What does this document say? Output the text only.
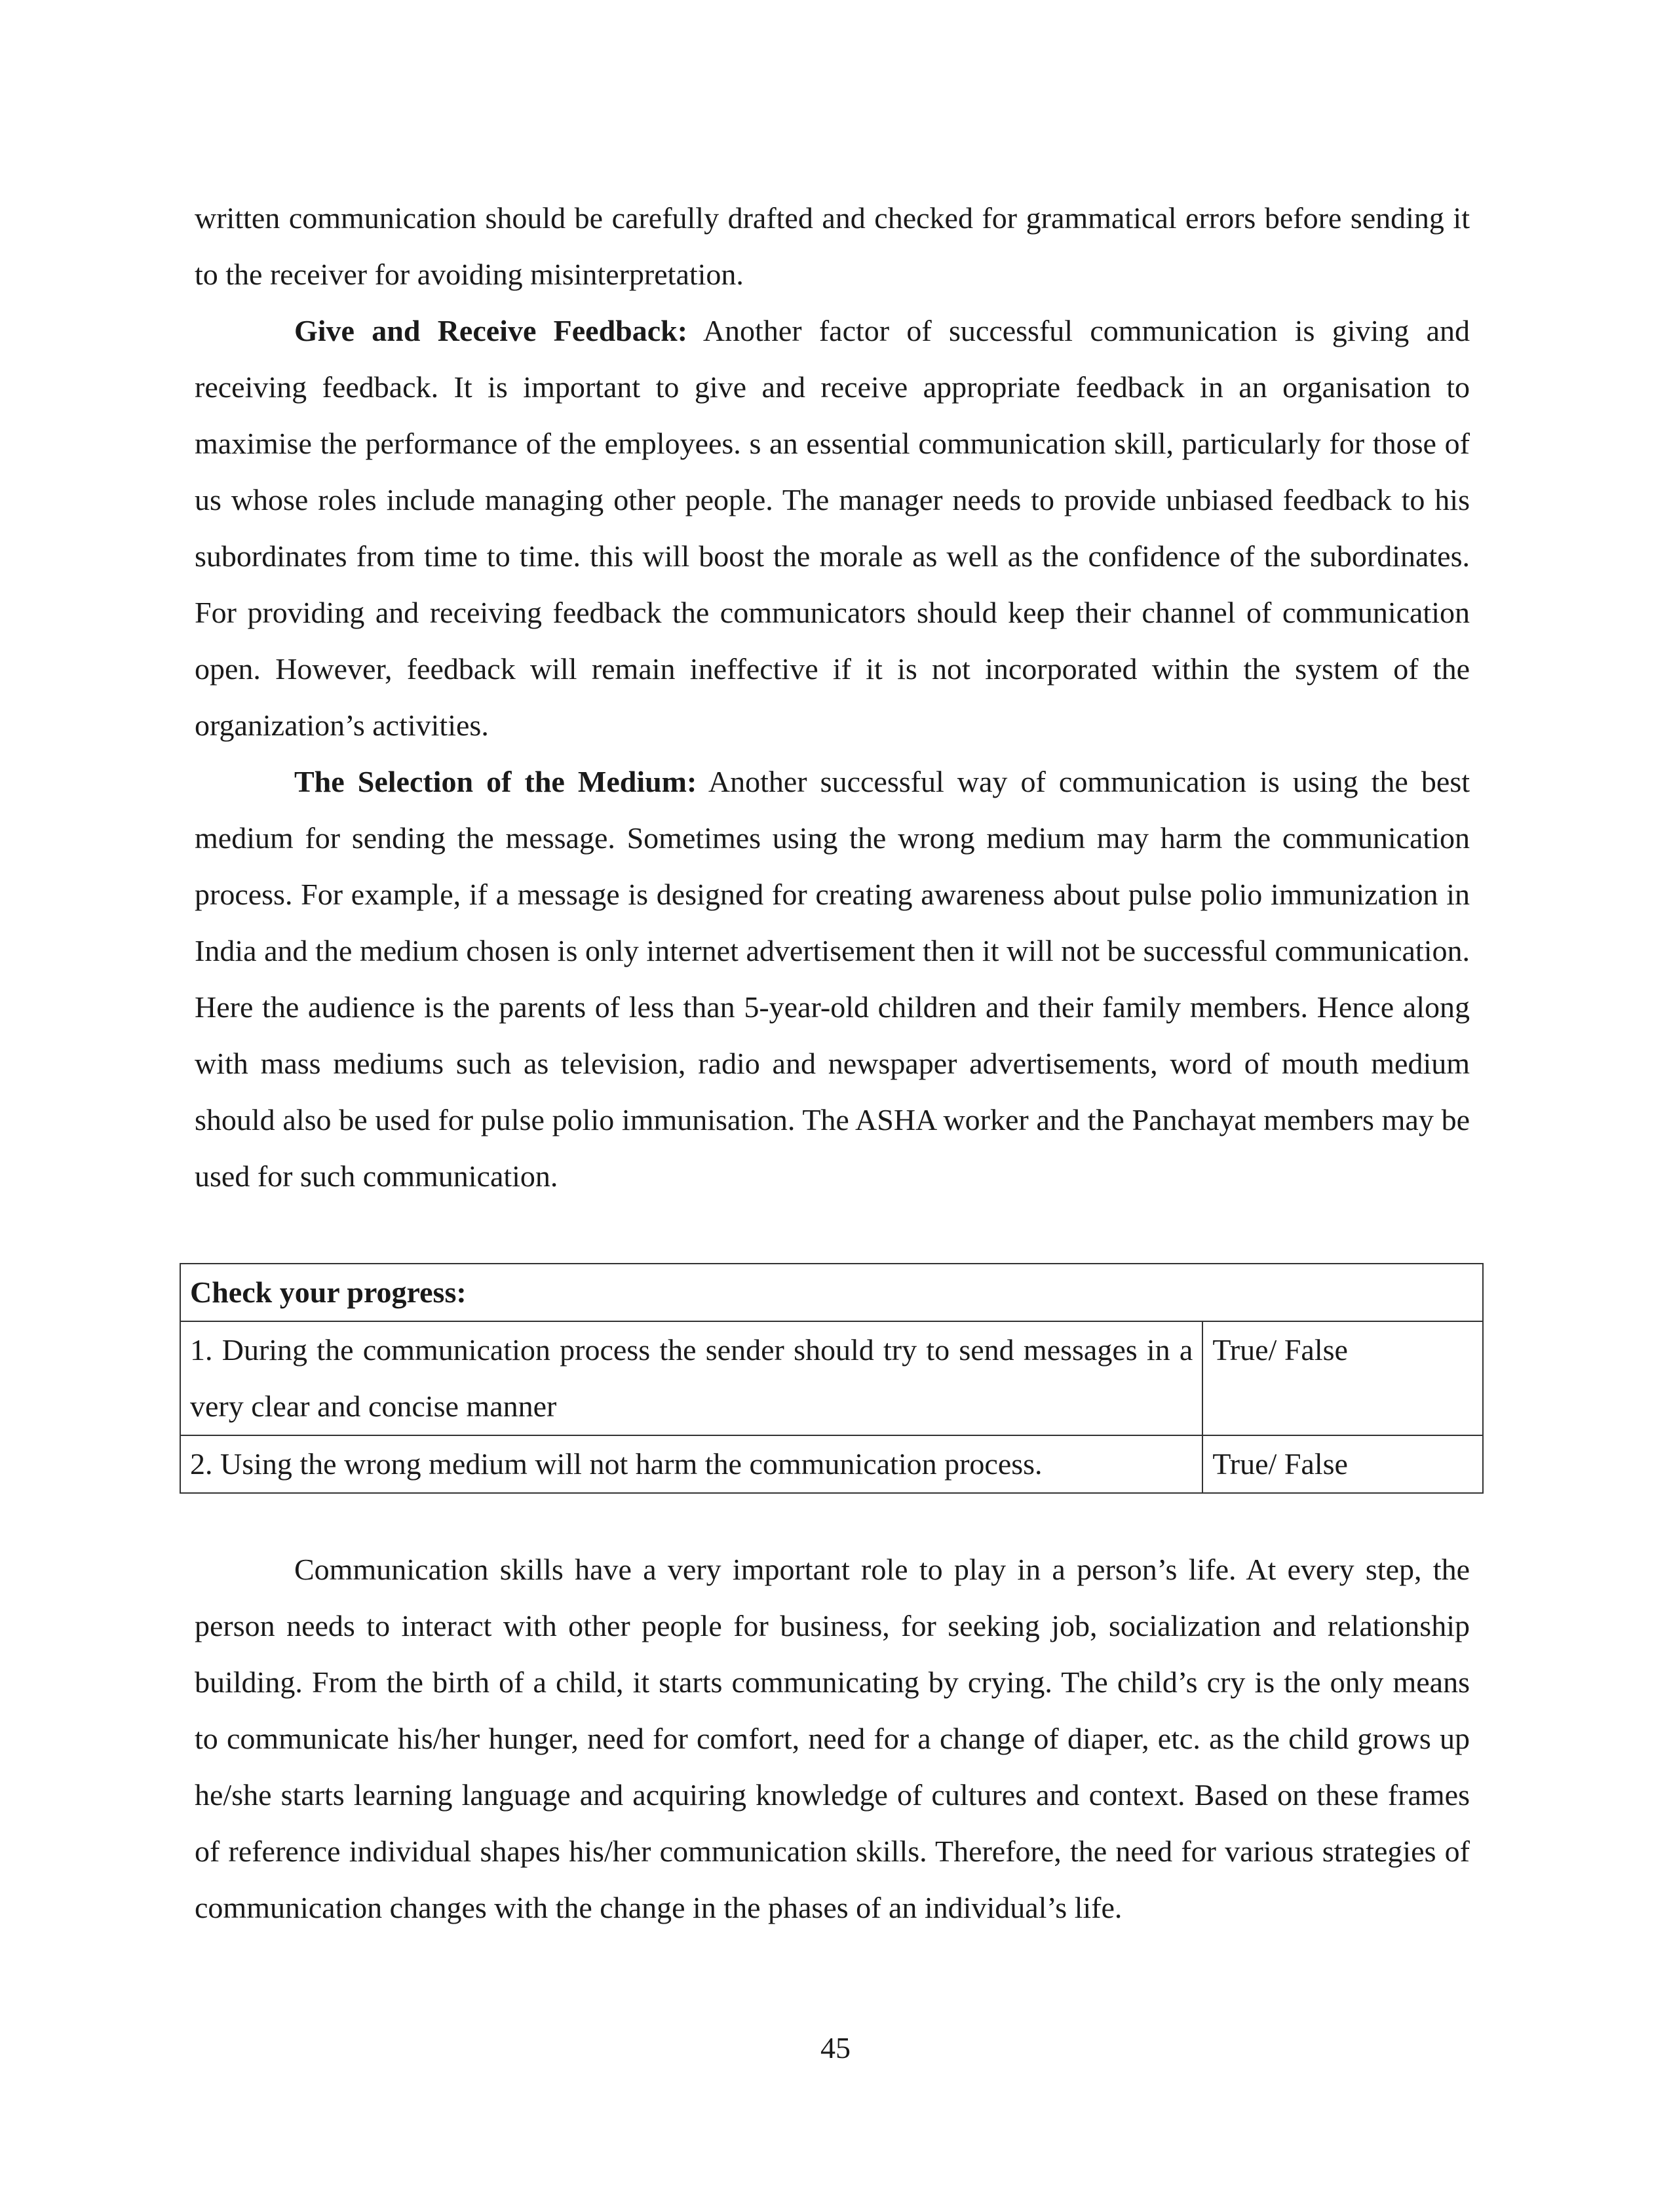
written communication should be carefully drafted and checked for grammatical errors before sending it to the receiver for avoiding misinterpretation.

Give and Receive Feedback: Another factor of successful communication is giving and receiving feedback. It is important to give and receive appropriate feedback in an organisation to maximise the performance of the employees. s an essential communication skill, particularly for those of us whose roles include managing other people. The manager needs to provide unbiased feedback to his subordinates from time to time. this will boost the morale as well as the confidence of the subordinates. For providing and receiving feedback the communicators should keep their channel of communication open. However, feedback will remain ineffective if it is not incorporated within the system of the organization’s activities.

The Selection of the Medium: Another successful way of communication is using the best medium for sending the message. Sometimes using the wrong medium may harm the communication process. For example, if a message is designed for creating awareness about pulse polio immunization in India and the medium chosen is only internet advertisement then it will not be successful communication. Here the audience is the parents of less than 5-year-old children and their family members. Hence along with mass mediums such as television, radio and newspaper advertisements, word of mouth medium should also be used for pulse polio immunisation. The ASHA worker and the Panchayat members may be used for such communication.

Check your progress:	
1. During the communication process the sender should try to send messages in a very clear and concise manner	True/ False
2. Using the wrong medium will not harm the communication process.	True/ False

Communication skills have a very important role to play in a person’s life. At every step, the person needs to interact with other people for business, for seeking job, socialization and relationship building. From the birth of a child, it starts communicating by crying. The child’s cry is the only means to communicate his/her hunger, need for comfort, need for a change of diaper, etc. as the child grows up he/she starts learning language and acquiring knowledge of cultures and context. Based on these frames of reference individual shapes his/her communication skills. Therefore, the need for various strategies of communication changes with the change in the phases of an individual’s life.

45
